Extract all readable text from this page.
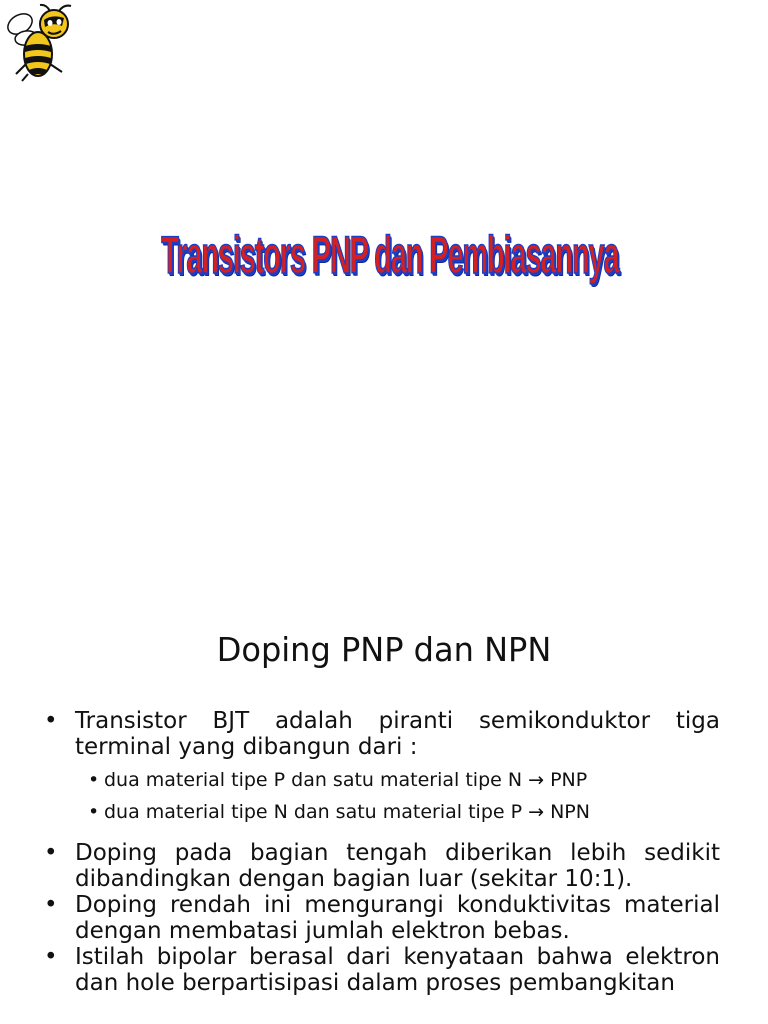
Transistors PNP dan Pembiasannya
Doping PNP dan NPN

• Transistor BJT adalah piranti semikonduktor tiga terminal yang dibangun dari :

• dua material tipe P dan satu material tipe N → PNP

• dua material tipe N dan satu material tipe P → NPN

• Doping pada bagian tengah diberikan lebih sedikit dibandingkan dengan bagian luar (sekitar 10:1).

• Doping rendah ini mengurangi konduktivitas material dengan membatasi jumlah elektron bebas.

• Istilah bipolar berasal dari kenyataan bahwa elektron dan hole berpartisipasi dalam proses pembangkitan
